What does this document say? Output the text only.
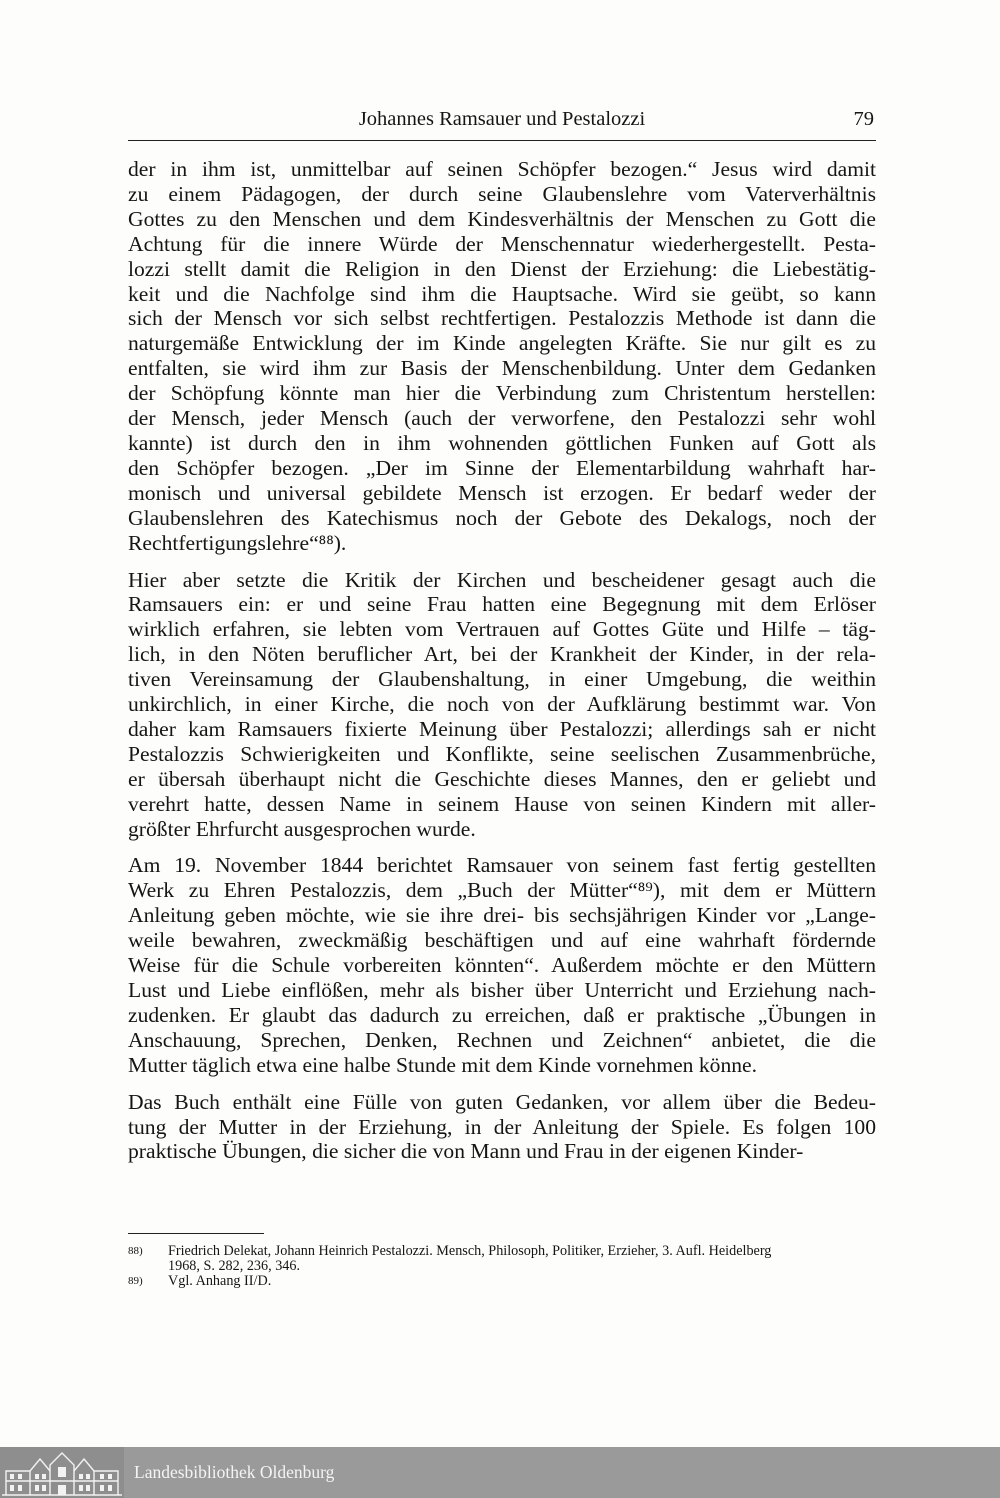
Johannes Ramsauer und Pestalozzi	79

der in ihm ist, unmittelbar auf seinen Schöpfer bezogen.“ Jesus wird damit
zu einem Pädagogen, der durch seine Glaubenslehre vom Vaterverhältnis
Gottes zu den Menschen und dem Kindesverhältnis der Menschen zu Gott die
Achtung für die innere Würde der Menschennatur wiederhergestellt. Pesta-
lozzi stellt damit die Religion in den Dienst der Erziehung: die Liebestätig-
keit und die Nachfolge sind ihm die Hauptsache. Wird sie geübt, so kann
sich der Mensch vor sich selbst rechtfertigen. Pestalozzis Methode ist dann die
naturgemäße Entwicklung der im Kinde angelegten Kräfte. Sie nur gilt es zu
entfalten, sie wird ihm zur Basis der Menschenbildung. Unter dem Gedanken
der Schöpfung könnte man hier die Verbindung zum Christentum herstellen:
der Mensch, jeder Mensch (auch der verworfene, den Pestalozzi sehr wohl
kannte) ist durch den in ihm wohnenden göttlichen Funken auf Gott als
den Schöpfer bezogen. „Der im Sinne der Elementarbildung wahrhaft har-
monisch und universal gebildete Mensch ist erzogen. Er bedarf weder der
Glaubenslehren des Katechismus noch der Gebote des Dekalogs, noch der
Rechtfertigungslehre“⁸⁸).

Hier aber setzte die Kritik der Kirchen und bescheidener gesagt auch die
Ramsauers ein: er und seine Frau hatten eine Begegnung mit dem Erlöser
wirklich erfahren, sie lebten vom Vertrauen auf Gottes Güte und Hilfe – täg-
lich, in den Nöten beruflicher Art, bei der Krankheit der Kinder, in der rela-
tiven Vereinsamung der Glaubenshaltung, in einer Umgebung, die weithin
unkirchlich, in einer Kirche, die noch von der Aufklärung bestimmt war. Von
daher kam Ramsauers fixierte Meinung über Pestalozzi; allerdings sah er nicht
Pestalozzis Schwierigkeiten und Konflikte, seine seelischen Zusammenbrüche,
er übersah überhaupt nicht die Geschichte dieses Mannes, den er geliebt und
verehrt hatte, dessen Name in seinem Hause von seinen Kindern mit aller-
größter Ehrfurcht ausgesprochen wurde.

Am 19. November 1844 berichtet Ramsauer von seinem fast fertig gestellten
Werk zu Ehren Pestalozzis, dem „Buch der Mütter“⁸⁹), mit dem er Müttern
Anleitung geben möchte, wie sie ihre drei- bis sechsjährigen Kinder vor „Lange-
weile bewahren, zweckmäßig beschäftigen und auf eine wahrhaft fördernde
Weise für die Schule vorbereiten könnten“. Außerdem möchte er den Müttern
Lust und Liebe einflößen, mehr als bisher über Unterricht und Erziehung nach-
zudenken. Er glaubt das dadurch zu erreichen, daß er praktische „Übungen in
Anschauung, Sprechen, Denken, Rechnen und Zeichnen“ anbietet, die die
Mutter täglich etwa eine halbe Stunde mit dem Kinde vornehmen könne.

Das Buch enthält eine Fülle von guten Gedanken, vor allem über die Bedeu-
tung der Mutter in der Erziehung, in der Anleitung der Spiele. Es folgen 100
praktische Übungen, die sicher die von Mann und Frau in der eigenen Kinder-

88) Friedrich Delekat, Johann Heinrich Pestalozzi. Mensch, Philosoph, Politiker, Erzieher, 3. Aufl. Heidelberg
1968, S. 282, 236, 346.
89) Vgl. Anhang II/D.
Landesbibliothek Oldenburg
